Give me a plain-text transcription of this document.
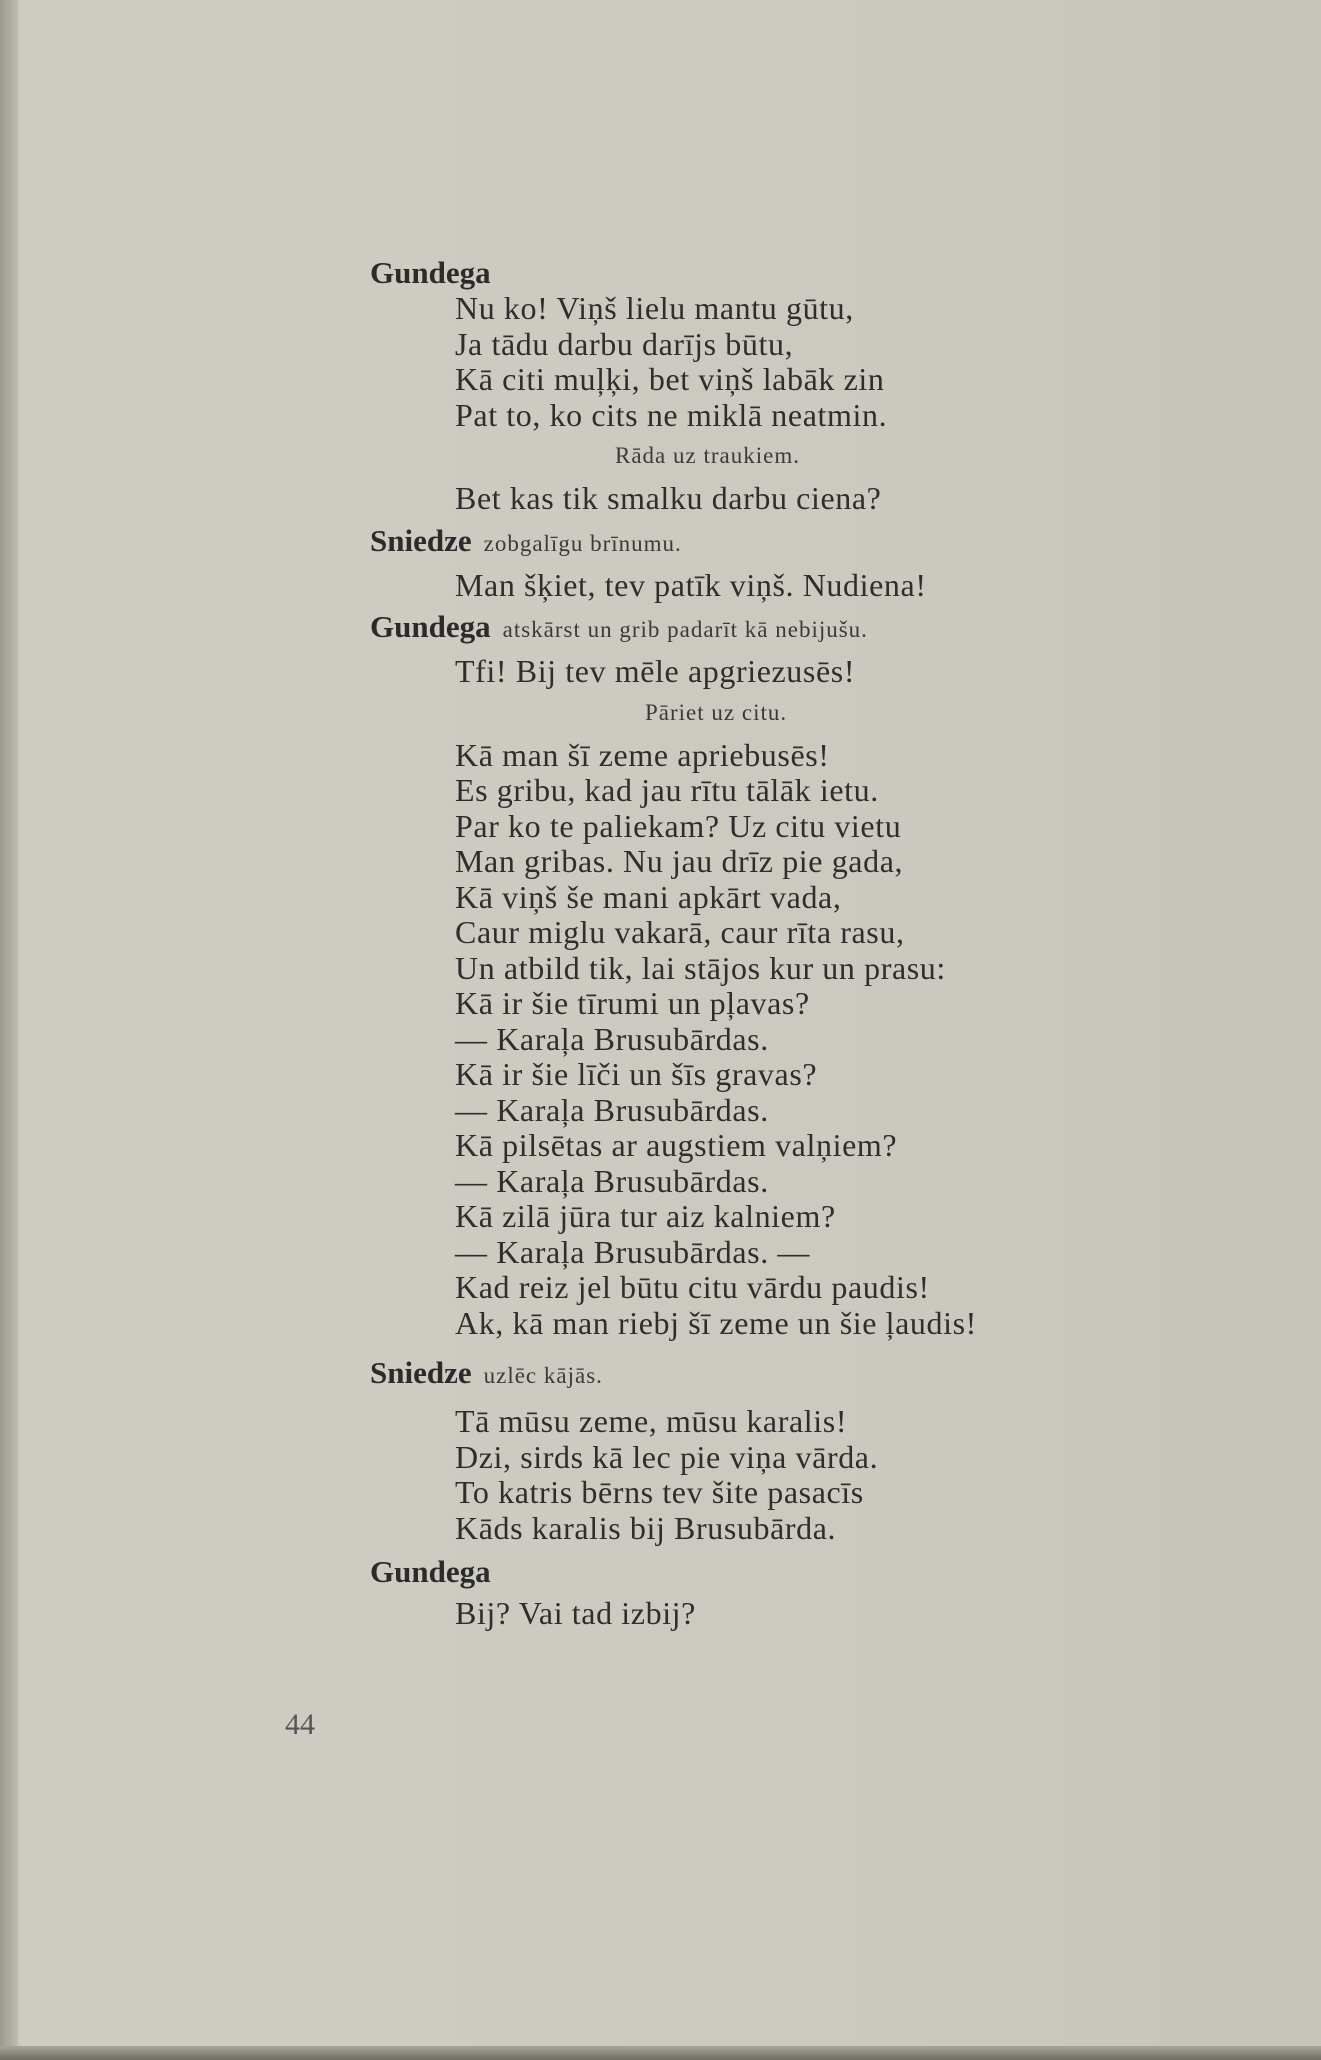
Gundega

Nu ko! Viņš lielu mantu gūtu,

Ja tādu darbu darījs būtu,

Kā citi muļķi, bet viņš labāk zin

Pat to, ko cits ne miklā neatmin.

Rāda uz traukiem.

Bet kas tik smalku darbu ciena?

Sniedze zobgalīgu brīnumu.

Man šķiet, tev patīk viņš. Nudiena!

Gundega atskārst un grib padarīt kā nebijušu.

Tfi! Bij tev mēle apgriezusēs!

Pāriet uz citu.

Kā man šī zeme apriebusēs!

Es gribu, kad jau rītu tālāk ietu.

Par ko te paliekam? Uz citu vietu

Man gribas. Nu jau drīz pie gada,

Kā viņš še mani apkārt vada,

Caur miglu vakarā, caur rīta rasu,

Un atbild tik, lai stājos kur un prasu:

Kā ir šie tīrumi un pļavas?

— Karaļa Brusubārdas.

Kā ir šie līči un šīs gravas?

— Karaļa Brusubārdas.

Kā pilsētas ar augstiem valņiem?

— Karaļa Brusubārdas.

Kā zilā jūra tur aiz kalniem?

— Karaļa Brusubārdas. —

Kad reiz jel būtu citu vārdu paudis!

Ak, kā man riebj šī zeme un šie ļaudis!

Sniedze uzlēc kājās.

Tā mūsu zeme, mūsu karalis!

Dzi, sirds kā lec pie viņa vārda.

To katris bērns tev šite pasacīs

Kāds karalis bij Brusubārda.

Gundega

Bij? Vai tad izbij?

44
